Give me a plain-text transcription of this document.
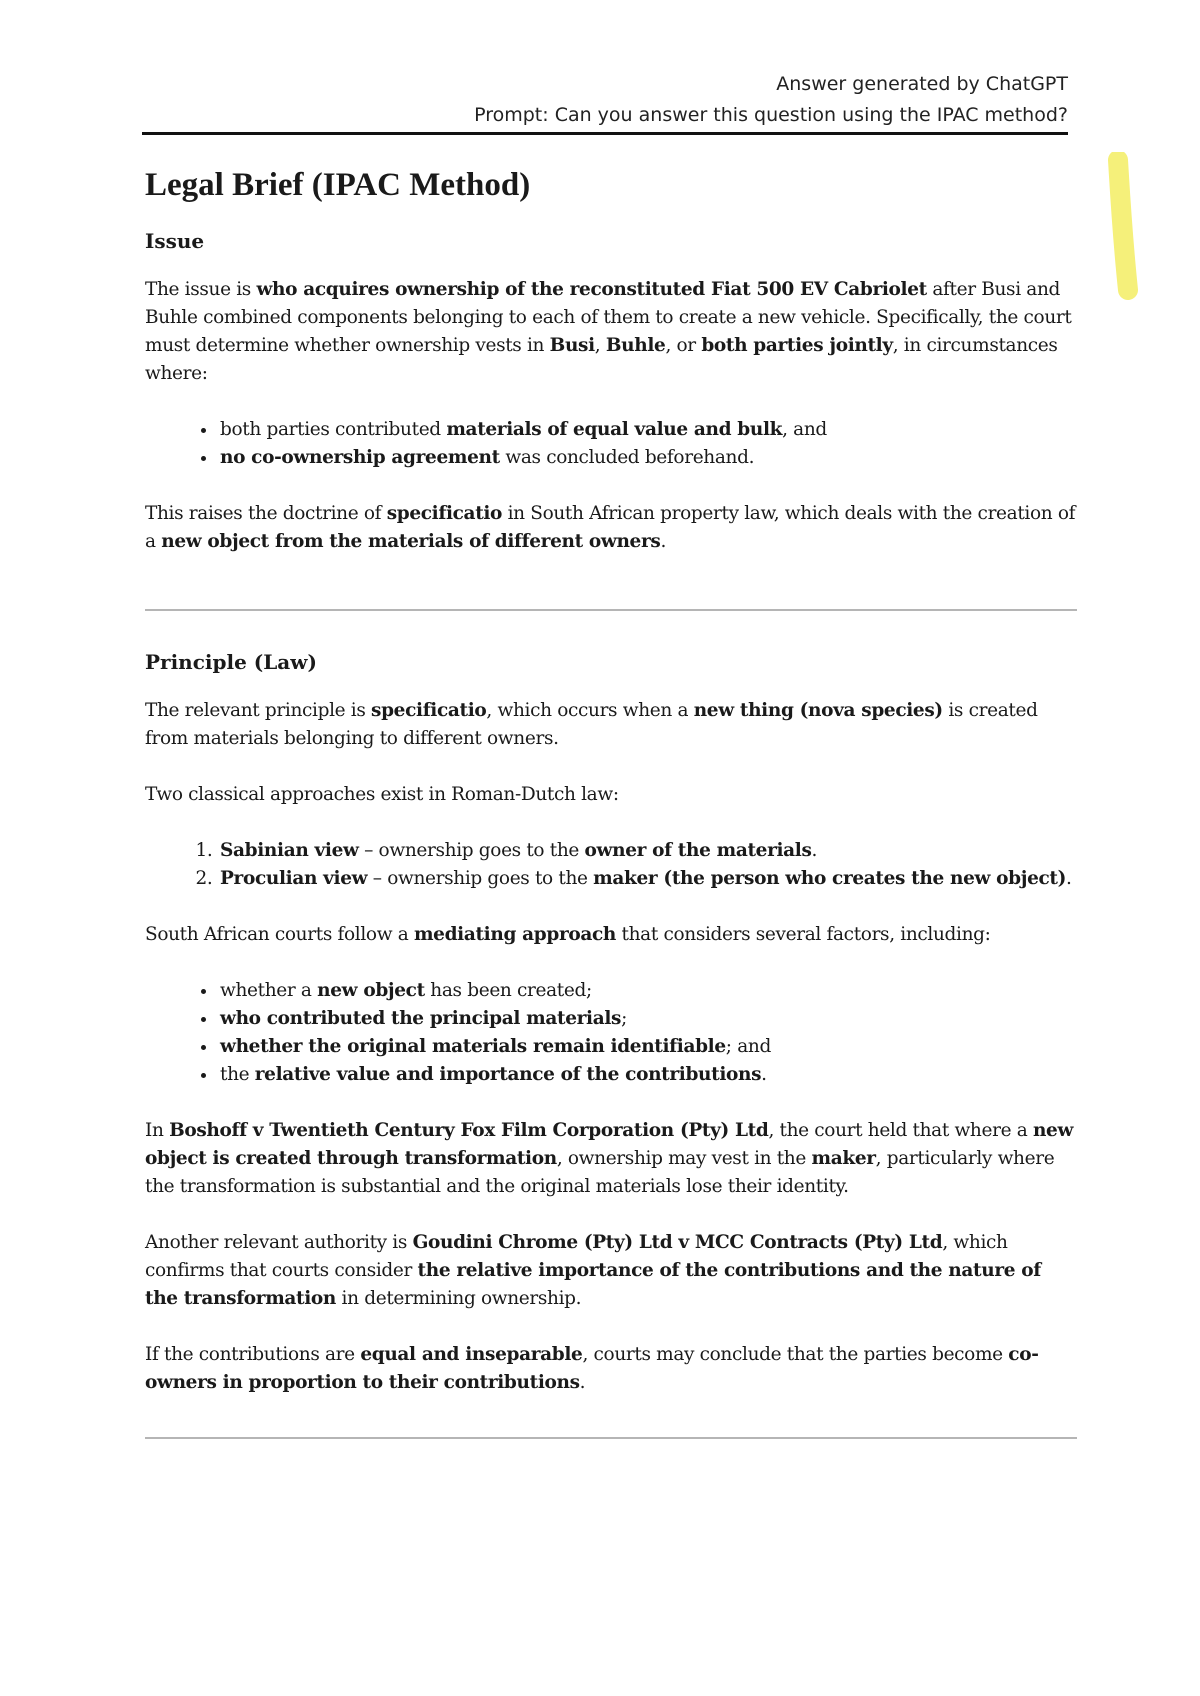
Answer generated by ChatGPT
Prompt: Can you answer this question using the IPAC method?
Legal Brief (IPAC Method)
Issue

The issue is who acquires ownership of the reconstituted Fiat 500 EV Cabriolet after Busi and Buhle combined components belonging to each of them to create a new vehicle. Specifically, the court must determine whether ownership vests in Busi, Buhle, or both parties jointly, in circumstances where:

• both parties contributed materials of equal value and bulk, and
• no co-ownership agreement was concluded beforehand.

This raises the doctrine of specificatio in South African property law, which deals with the creation of a new object from the materials of different owners.

Principle (Law)

The relevant principle is specificatio, which occurs when a new thing (nova species) is created from materials belonging to different owners.

Two classical approaches exist in Roman-Dutch law:

1. Sabinian view – ownership goes to the owner of the materials.
2. Proculian view – ownership goes to the maker (the person who creates the new object).

South African courts follow a mediating approach that considers several factors, including:

• whether a new object has been created;
• who contributed the principal materials;
• whether the original materials remain identifiable; and
• the relative value and importance of the contributions.

In Boshoff v Twentieth Century Fox Film Corporation (Pty) Ltd, the court held that where a new object is created through transformation, ownership may vest in the maker, particularly where the transformation is substantial and the original materials lose their identity.

Another relevant authority is Goudini Chrome (Pty) Ltd v MCC Contracts (Pty) Ltd, which confirms that courts consider the relative importance of the contributions and the nature of the transformation in determining ownership.

If the contributions are equal and inseparable, courts may conclude that the parties become co-owners in proportion to their contributions.
